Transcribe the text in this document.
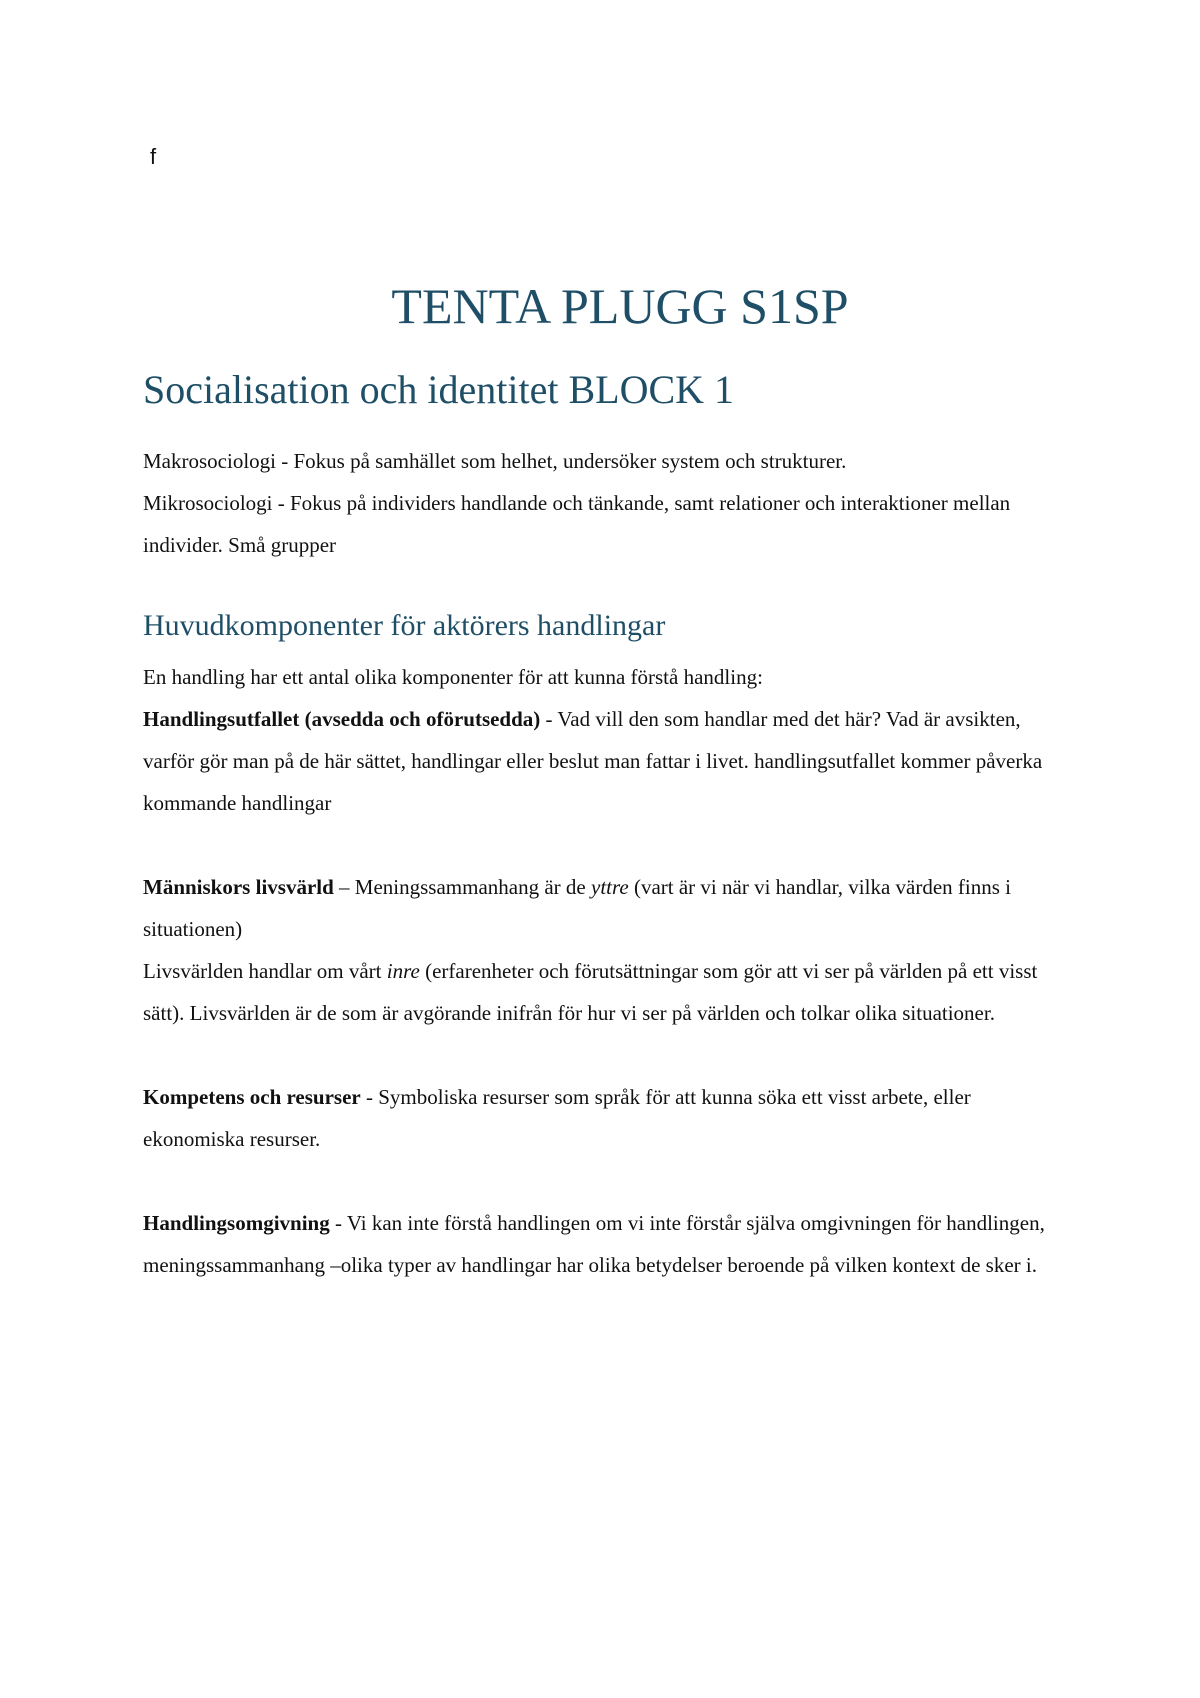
f
TENTA PLUGG S1SP
Socialisation och identitet BLOCK 1

Makrosociologi - Fokus på samhället som helhet, undersöker system och strukturer.

Mikrosociologi - Fokus på individers handlande och tänkande, samt relationer och interaktioner mellan individer. Små grupper

Huvudkomponenter för aktörers handlingar

En handling har ett antal olika komponenter för att kunna förstå handling:

Handlingsutfallet (avsedda och oförutsedda) - Vad vill den som handlar med det här? Vad är avsikten, varför gör man på de här sättet, handlingar eller beslut man fattar i livet. handlingsutfallet kommer påverka kommande handlingar

Människors livsvärld – Meningssammanhang är de yttre (vart är vi när vi handlar, vilka värden finns i situationen)

Livsvärlden handlar om vårt inre (erfarenheter och förutsättningar som gör att vi ser på världen på ett visst sätt). Livsvärlden är de som är avgörande inifrån för hur vi ser på världen och tolkar olika situationer.

Kompetens och resurser - Symboliska resurser som språk för att kunna söka ett visst arbete, eller ekonomiska resurser.

Handlingsomgivning - Vi kan inte förstå handlingen om vi inte förstår själva omgivningen för handlingen, meningssammanhang –olika typer av handlingar har olika betydelser beroende på vilken kontext de sker i.
